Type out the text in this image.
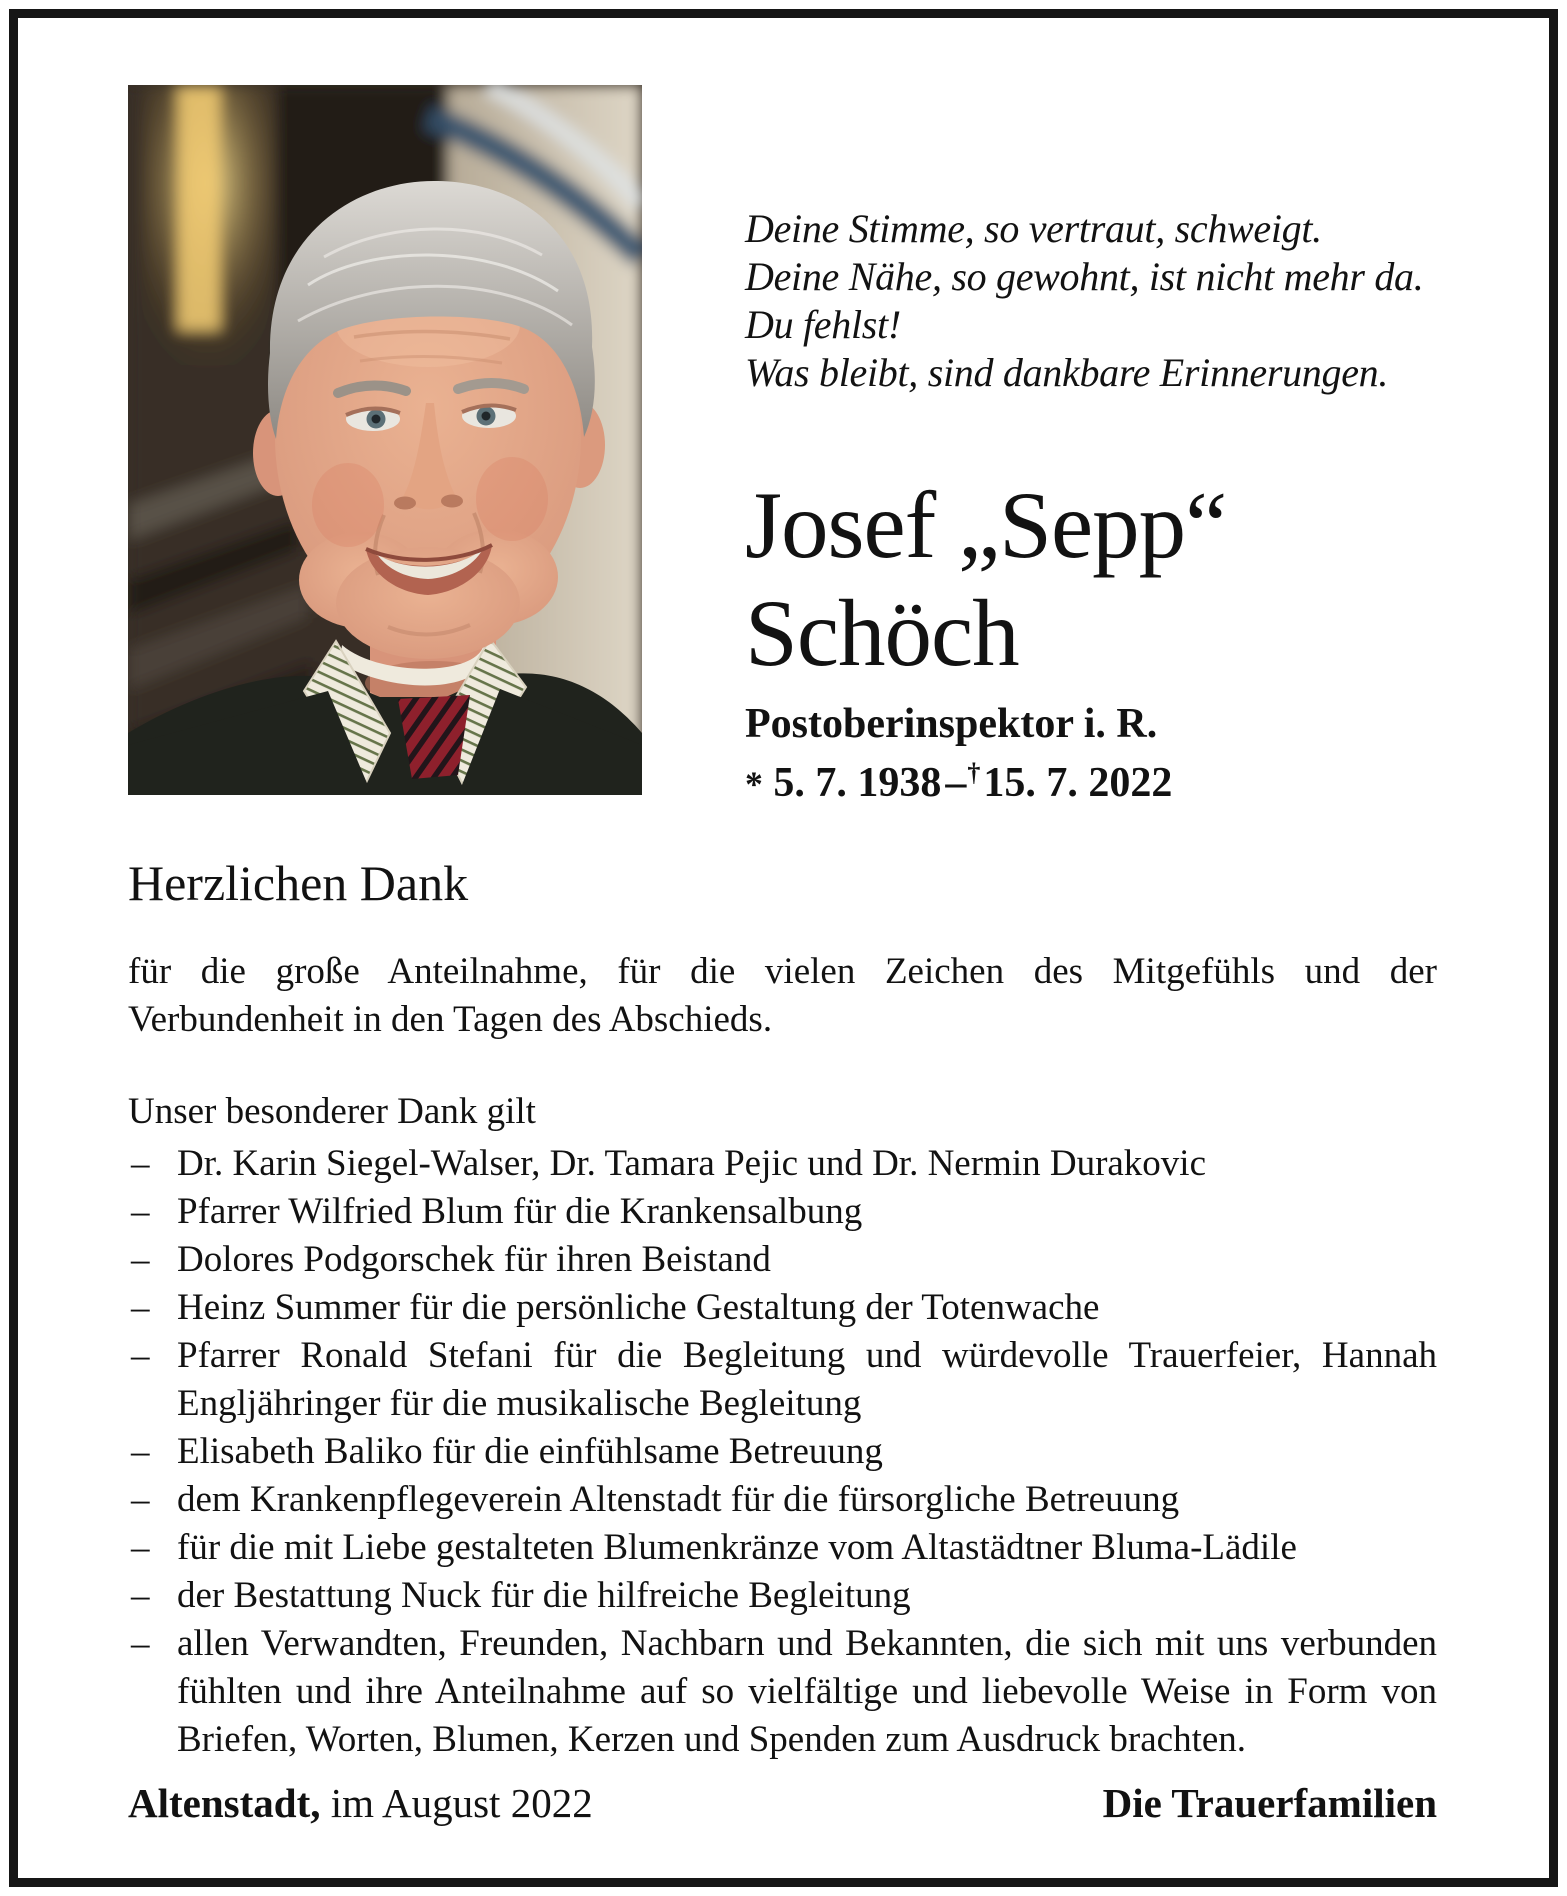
Deine Stimme, so vertraut, schweigt.
Deine Nähe, so gewohnt, ist nicht mehr da.
Du fehlst!
Was bleibt, sind dankbare Erinnerungen.
Josef „Sepp“
Schöch
Postoberinspektor i. R.
* 5. 7. 1938–†15. 7. 2022
Herzlichen Dank

für die große Anteilnahme, für die vielen Zeichen des Mitgefühls und der Verbundenheit in den Tagen des Abschieds.

Unser besonderer Dank gilt
– Dr. Karin Siegel-Walser, Dr. Tamara Pejic und Dr. Nermin Durakovic
– Pfarrer Wilfried Blum für die Krankensalbung
– Dolores Podgorschek für ihren Beistand
– Heinz Summer für die persönliche Gestaltung der Totenwache
– Pfarrer Ronald Stefani für die Begleitung und würdevolle Trauerfeier, Hannah Engljähringer für die musikalische Begleitung
– Elisabeth Baliko für die einfühlsame Betreuung
– dem Krankenpflegeverein Altenstadt für die fürsorgliche Betreuung
– für die mit Liebe gestalteten Blumenkränze vom Altastädtner Bluma-Lädile
– der Bestattung Nuck für die hilfreiche Begleitung
– allen Verwandten, Freunden, Nachbarn und Bekannten, die sich mit uns verbunden fühlten und ihre Anteilnahme auf so vielfältige und liebevolle Weise in Form von Briefen, Worten, Blumen, Kerzen und Spenden zum Ausdruck brachten.
Altenstadt, im August 2022	Die Trauerfamilien
